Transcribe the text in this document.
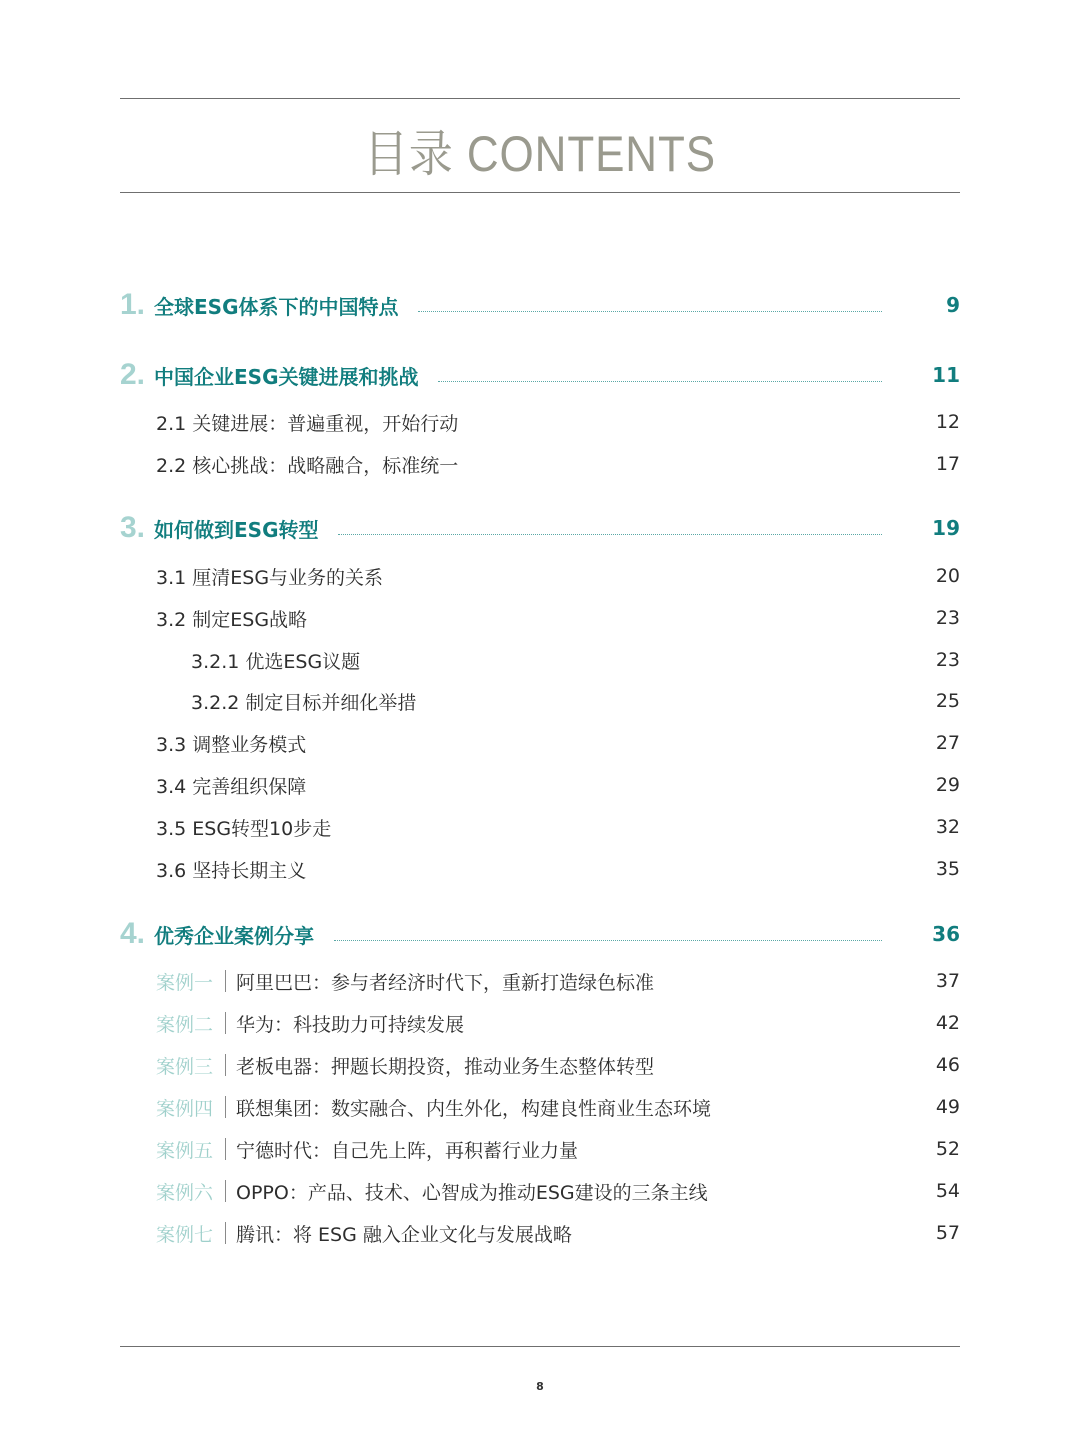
目录 CONTENTS
1. 全球ESG体系下的中国特点	9
2. 中国企业ESG关键进展和挑战	11
2.1 关键进展：普遍重视，开始行动	12
2.2 核心挑战：战略融合，标准统一	17
3. 如何做到ESG转型	19
3.1 厘清ESG与业务的关系	20
3.2 制定ESG战略	23
3.2.1 优选ESG议题	23
3.2.2 制定目标并细化举措	25
3.3 调整业务模式	27
3.4 完善组织保障	29
3.5 ESG转型10步走	32
3.6 坚持长期主义	35
4. 优秀企业案例分享	36
案例一 阿里巴巴：参与者经济时代下，重新打造绿色标准	37
案例二 华为：科技助力可持续发展	42
案例三 老板电器：押题长期投资，推动业务生态整体转型	46
案例四 联想集团：数实融合、内生外化，构建良性商业生态环境	49
案例五 宁德时代：自己先上阵，再积蓄行业力量	52
案例六 OPPO：产品、技术、心智成为推动ESG建设的三条主线	54
案例七 腾讯：将 ESG 融入企业文化与发展战略	57
8
